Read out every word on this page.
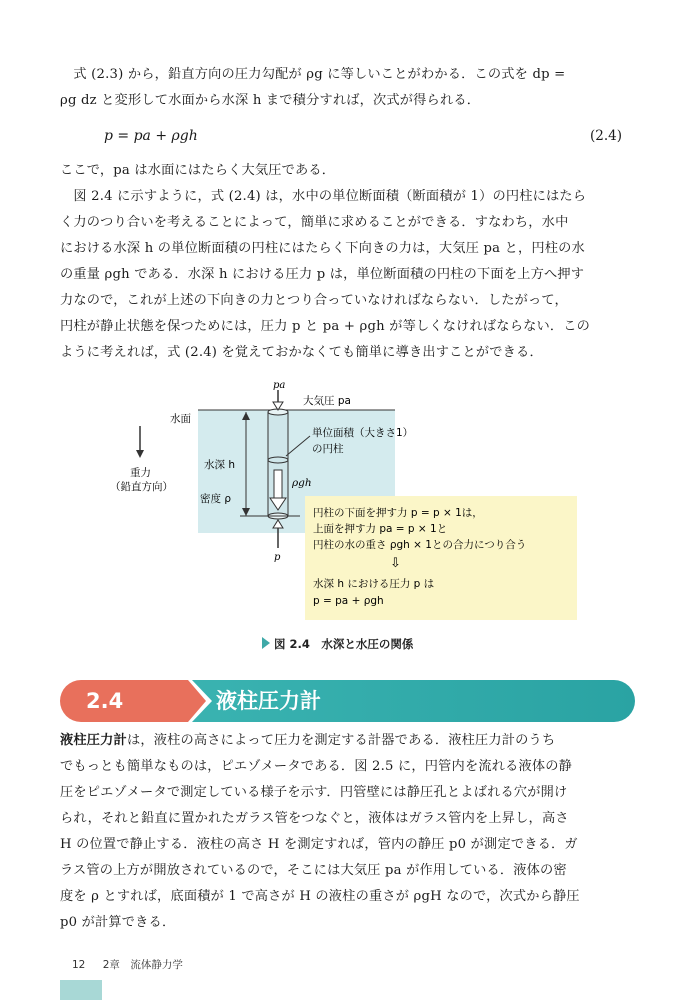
　式 (2.3) から，鉛直方向の圧力勾配が ρg に等しいことがわかる．この式を dp =
ρg dz と変形して水面から水深 h まで積分すれば，次式が得られる．

p = pa + ρgh	(2.4)

ここで，pa は水面にはたらく大気圧である．
　図 2.4 に示すように，式 (2.4) は，水中の単位断面積（断面積が 1）の円柱にはたら
く力のつり合いを考えることによって，簡単に求めることができる．すなわち，水中
における水深 h の単位断面積の円柱にはたらく下向きの力は，大気圧 pa と，円柱の水
の重量 ρgh である．水深 h における圧力 p は，単位断面積の円柱の下面を上方へ押す
力なので，これが上述の下向きの力とつり合っていなければならない．したがって，
円柱が静止状態を保つためには，圧力 p と pa + ρgh が等しくなければならない．この
ように考えれば，式 (2.4) を覚えておかなくても簡単に導き出すことができる．

pa
大気圧 pa
水面
単位面積（大きさ1）
の円柱
水深 h
ρgh
密度 ρ
重力
（鉛直方向）
p
円柱の下面を押す力 p = p × 1は，
上面を押す力 pa = p × 1と
円柱の水の重さ ρgh × 1との合力につり合う
⇩
水深 h における圧力 p は
p = pa + ρgh
図 2.4　水深と水圧の関係
2.4	液柱圧力計

液柱圧力計は，液柱の高さによって圧力を測定する計器である．液柱圧力計のうち
でもっとも簡単なものは，ピエゾメータである．図 2.5 に，円管内を流れる液体の静
圧をピエゾメータで測定している様子を示す．円管壁には静圧孔とよばれる穴が開け
られ，それと鉛直に置かれたガラス管をつなぐと，液体はガラス管内を上昇し，高さ
H の位置で静止する．液柱の高さ H を測定すれば，管内の静圧 p0 が測定できる．ガ
ラス管の上方が開放されているので，そこには大気圧 pa が作用している．液体の密
度を ρ とすれば，底面積が 1 で高さが H の液柱の重さが ρgH なので，次式から静圧
p0 が計算できる．

12 2章　流体静力学
